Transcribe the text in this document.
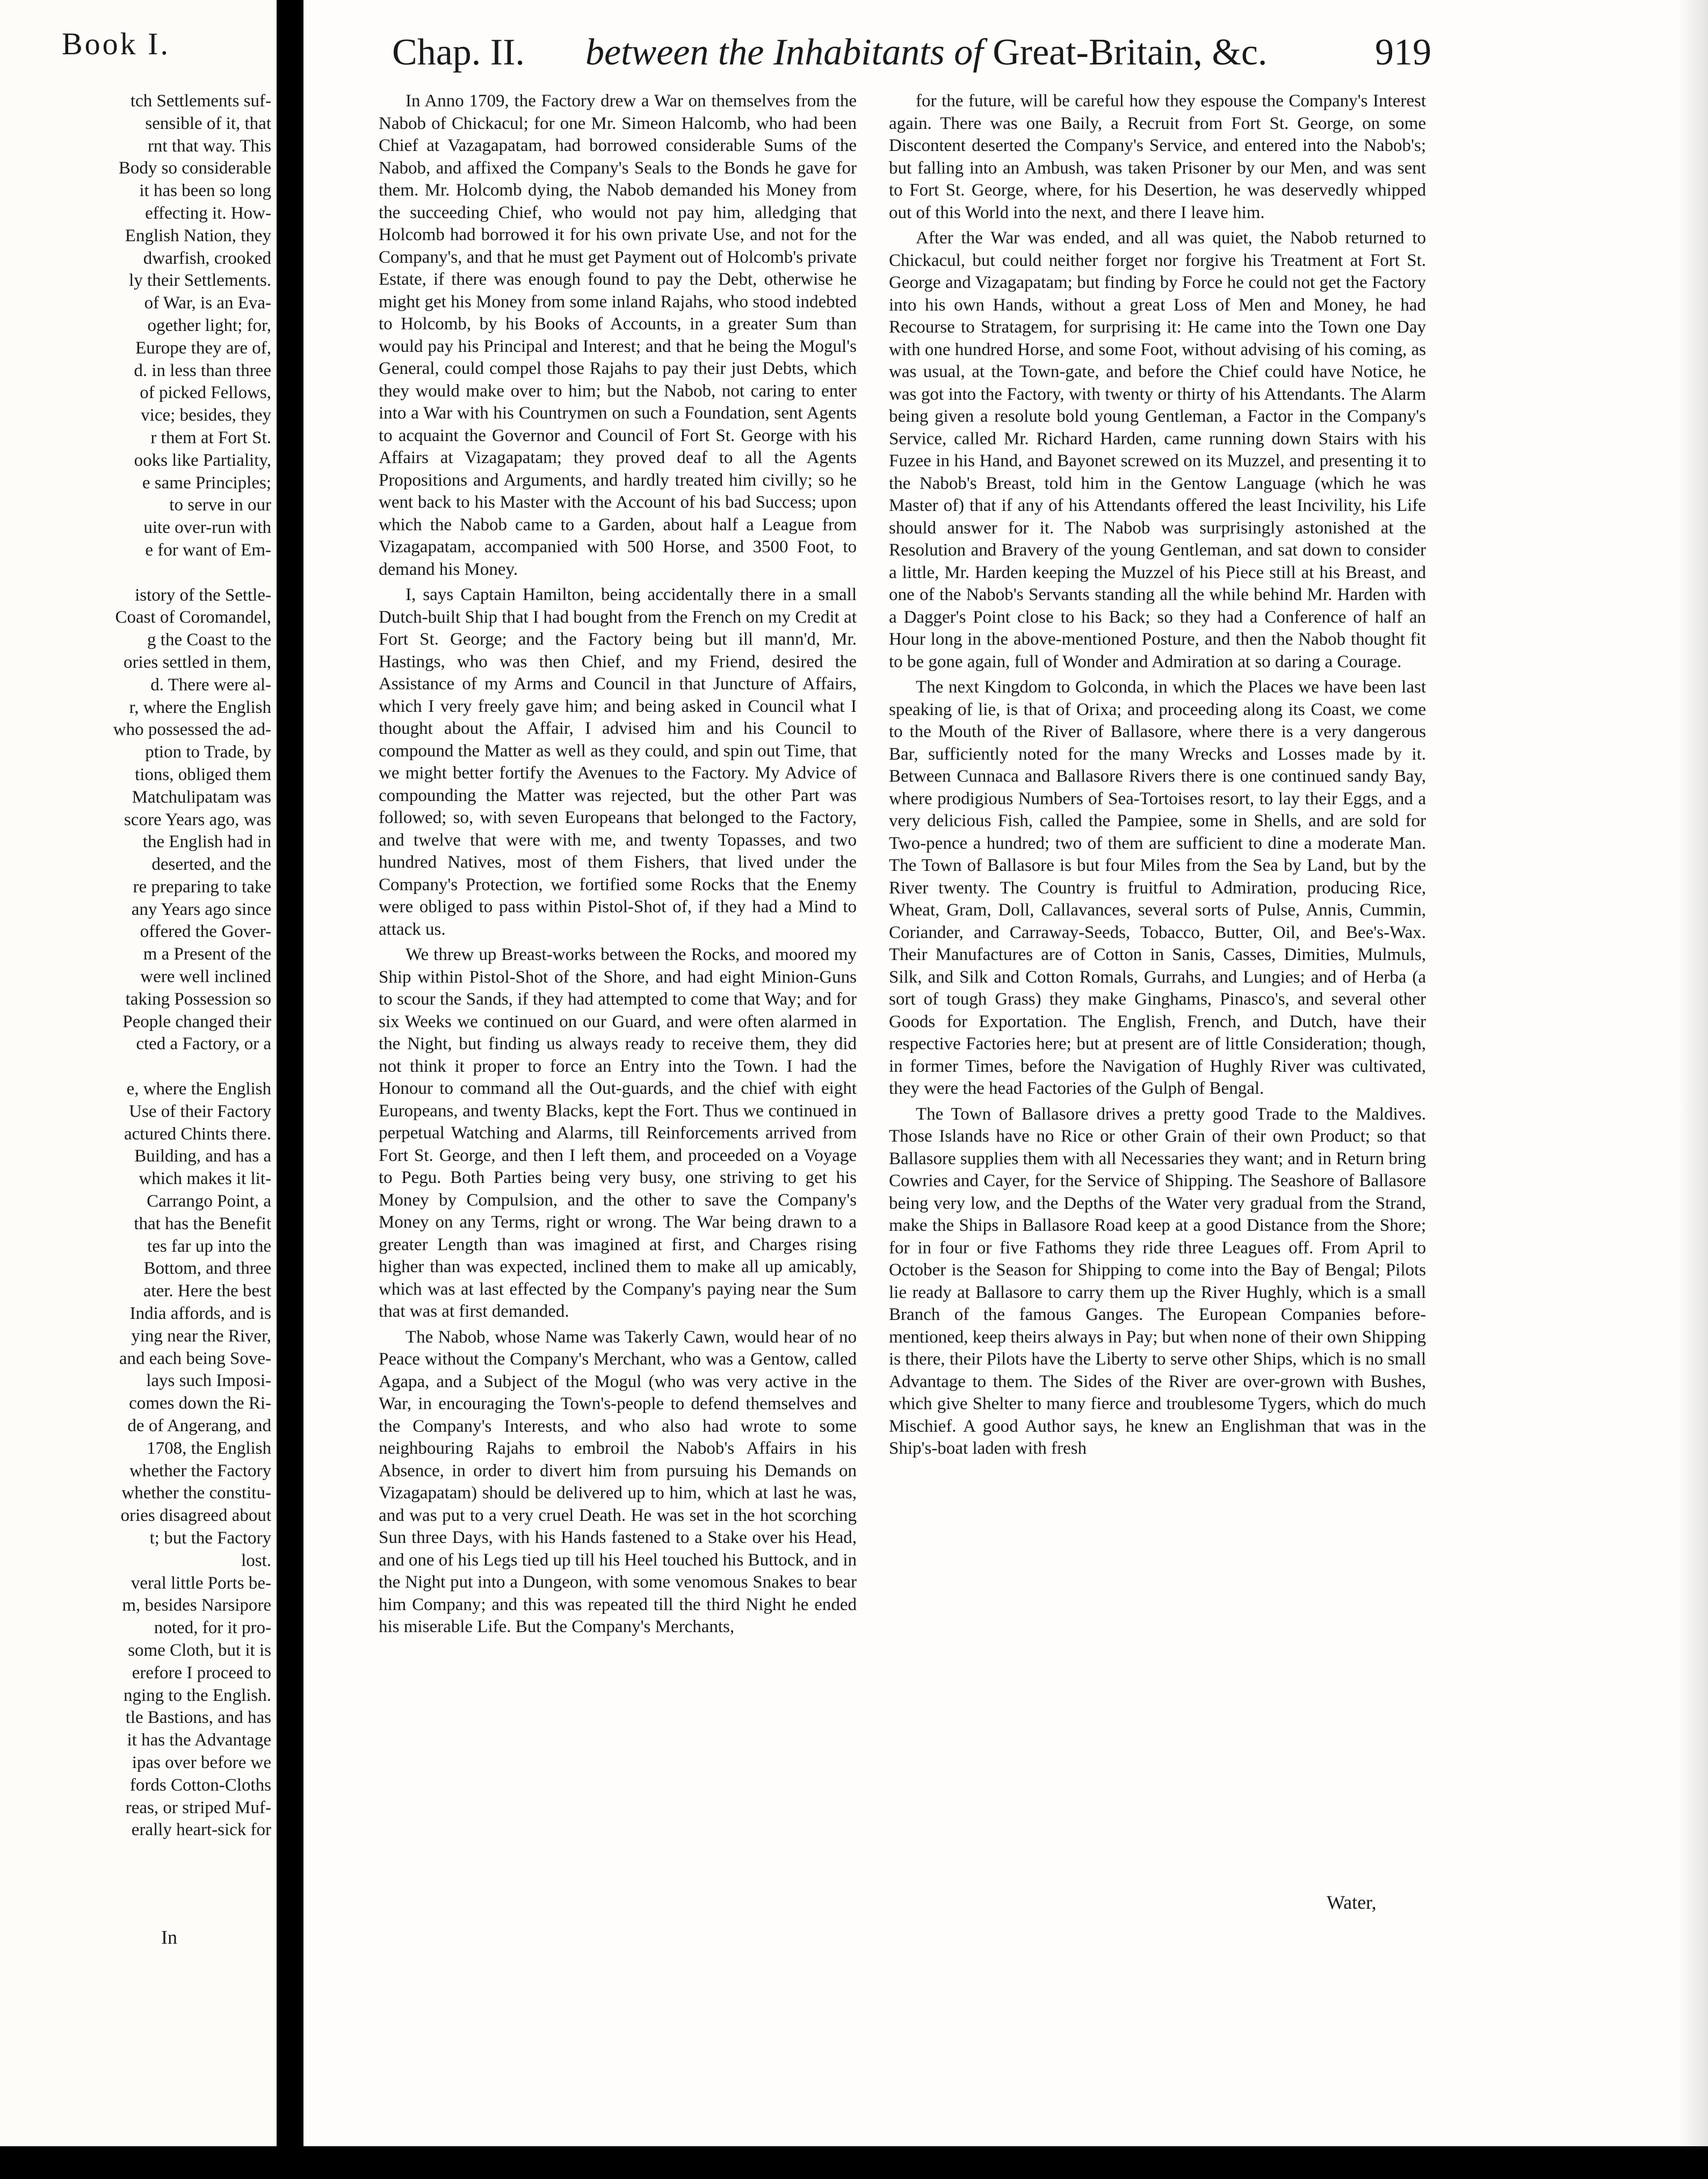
Book I.
tch Settlements suf-
sensible of it, that
rnt that way. This
Body so considerable
it has been so long
effecting it. How-
English Nation, they
dwarfish, crooked
ly their Settlements.
of War, is an Eva-
ogether light; for,
Europe they are of,
d. in less than three
of picked Fellows,
vice; besides, they
r them at Fort St.
ooks like Partiality,
e same Principles;
to serve in our
uite over-run with
e for want of Em-
istory of the Settle-
Coast of Coromandel,
g the Coast to the
ories settled in them,
d. There were al-
r, where the English
who possessed the ad-
ption to Trade, by
tions, obliged them
Matchulipatam was
score Years ago, was
the English had in
deserted, and the
re preparing to take
any Years ago since
offered the Gover-
m a Present of the
were well inclined
taking Possession so
People changed their
cted a Factory, or a
e, where the English
Use of their Factory
actured Chints there.
Building, and has a
which makes it lit-
Carrango Point, a
that has the Benefit
tes far up into the
Bottom, and three
ater. Here the best
India affords, and is
ying near the River,
and each being Sove-
lays such Imposi-
comes down the Ri-
de of Angerang, and
1708, the English
whether the Factory
whether the constitu-
ories disagreed about
t; but the Factory
lost.
veral little Ports be-
m, besides Narsipore
noted, for it pro-
some Cloth, but it is
erefore I proceed to
nging to the English.
tle Bastions, and has
it has the Advantage
ipas over before we
fords Cotton-Cloths
reas, or striped Muf-
erally heart-sick for
In
Chap. II. between the Inhabitants of Great-Britain, &c.	919

In Anno 1709, the Factory drew a War on themselves from the Nabob of Chickacul; for one Mr. Simeon Halcomb, who had been Chief at Vazagapatam, had borrowed considerable Sums of the Nabob, and affixed the Company's Seals to the Bonds he gave for them. Mr. Holcomb dying, the Nabob demanded his Money from the succeeding Chief, who would not pay him, alledging that Holcomb had borrowed it for his own private Use, and not for the Company's, and that he must get Payment out of Holcomb's private Estate, if there was enough found to pay the Debt, otherwise he might get his Money from some inland Rajahs, who stood indebted to Holcomb, by his Books of Accounts, in a greater Sum than would pay his Principal and Interest; and that he being the Mogul's General, could compel those Rajahs to pay their just Debts, which they would make over to him; but the Nabob, not caring to enter into a War with his Countrymen on such a Foundation, sent Agents to acquaint the Governor and Council of Fort St. George with his Affairs at Vizagapatam; they proved deaf to all the Agents Propositions and Arguments, and hardly treated him civilly; so he went back to his Master with the Account of his bad Success; upon which the Nabob came to a Garden, about half a League from Vizagapatam, accompanied with 500 Horse, and 3500 Foot, to demand his Money.

I, says Captain Hamilton, being accidentally there in a small Dutch-built Ship that I had bought from the French on my Credit at Fort St. George; and the Factory being but ill mann'd, Mr. Hastings, who was then Chief, and my Friend, desired the Assistance of my Arms and Council in that Juncture of Affairs, which I very freely gave him; and being asked in Council what I thought about the Affair, I advised him and his Council to compound the Matter as well as they could, and spin out Time, that we might better fortify the Avenues to the Factory. My Advice of compounding the Matter was rejected, but the other Part was followed; so, with seven Europeans that belonged to the Factory, and twelve that were with me, and twenty Topasses, and two hundred Natives, most of them Fishers, that lived under the Company's Protection, we fortified some Rocks that the Enemy were obliged to pass within Pistol-Shot of, if they had a Mind to attack us.

We threw up Breast-works between the Rocks, and moored my Ship within Pistol-Shot of the Shore, and had eight Minion-Guns to scour the Sands, if they had attempted to come that Way; and for six Weeks we continued on our Guard, and were often alarmed in the Night, but finding us always ready to receive them, they did not think it proper to force an Entry into the Town. I had the Honour to command all the Out-guards, and the chief with eight Europeans, and twenty Blacks, kept the Fort. Thus we continued in perpetual Watching and Alarms, till Reinforcements arrived from Fort St. George, and then I left them, and proceeded on a Voyage to Pegu. Both Parties being very busy, one striving to get his Money by Compulsion, and the other to save the Company's Money on any Terms, right or wrong. The War being drawn to a greater Length than was imagined at first, and Charges rising higher than was expected, inclined them to make all up amicably, which was at last effected by the Company's paying near the Sum that was at first demanded.

The Nabob, whose Name was Takerly Cawn, would hear of no Peace without the Company's Merchant, who was a Gentow, called Agapa, and a Subject of the Mogul (who was very active in the War, in encouraging the Town's-people to defend themselves and the Company's Interests, and who also had wrote to some neighbouring Rajahs to embroil the Nabob's Affairs in his Absence, in order to divert him from pursuing his Demands on Vizagapatam) should be delivered up to him, which at last he was, and was put to a very cruel Death. He was set in the hot scorching Sun three Days, with his Hands fastened to a Stake over his Head, and one of his Legs tied up till his Heel touched his Buttock, and in the Night put into a Dungeon, with some venomous Snakes to bear him Company; and this was repeated till the third Night he ended his miserable Life. But the Company's Merchants,

for the future, will be careful how they espouse the Company's Interest again. There was one Baily, a Recruit from Fort St. George, on some Discontent deserted the Company's Service, and entered into the Nabob's; but falling into an Ambush, was taken Prisoner by our Men, and was sent to Fort St. George, where, for his Desertion, he was deservedly whipped out of this World into the next, and there I leave him.

After the War was ended, and all was quiet, the Nabob returned to Chickacul, but could neither forget nor forgive his Treatment at Fort St. George and Vizagapatam; but finding by Force he could not get the Factory into his own Hands, without a great Loss of Men and Money, he had Recourse to Stratagem, for surprising it: He came into the Town one Day with one hundred Horse, and some Foot, without advising of his coming, as was usual, at the Town-gate, and before the Chief could have Notice, he was got into the Factory, with twenty or thirty of his Attendants. The Alarm being given a resolute bold young Gentleman, a Factor in the Company's Service, called Mr. Richard Harden, came running down Stairs with his Fuzee in his Hand, and Bayonet screwed on its Muzzel, and presenting it to the Nabob's Breast, told him in the Gentow Language (which he was Master of) that if any of his Attendants offered the least Incivility, his Life should answer for it. The Nabob was surprisingly astonished at the Resolution and Bravery of the young Gentleman, and sat down to consider a little, Mr. Harden keeping the Muzzel of his Piece still at his Breast, and one of the Nabob's Servants standing all the while behind Mr. Harden with a Dagger's Point close to his Back; so they had a Conference of half an Hour long in the above-mentioned Posture, and then the Nabob thought fit to be gone again, full of Wonder and Admiration at so daring a Courage.

The next Kingdom to Golconda, in which the Places we have been last speaking of lie, is that of Orixa; and proceeding along its Coast, we come to the Mouth of the River of Ballasore, where there is a very dangerous Bar, sufficiently noted for the many Wrecks and Losses made by it. Between Cunnaca and Ballasore Rivers there is one continued sandy Bay, where prodigious Numbers of Sea-Tortoises resort, to lay their Eggs, and a very delicious Fish, called the Pampiee, some in Shells, and are sold for Two-pence a hundred; two of them are sufficient to dine a moderate Man. The Town of Ballasore is but four Miles from the Sea by Land, but by the River twenty. The Country is fruitful to Admiration, producing Rice, Wheat, Gram, Doll, Callavances, several sorts of Pulse, Annis, Cummin, Coriander, and Carraway-Seeds, Tobacco, Butter, Oil, and Bee's-Wax. Their Manufactures are of Cotton in Sanis, Casses, Dimities, Mulmuls, Silk, and Silk and Cotton Romals, Gurrahs, and Lungies; and of Herba (a sort of tough Grass) they make Ginghams, Pinasco's, and several other Goods for Exportation. The English, French, and Dutch, have their respective Factories here; but at present are of little Consideration; though, in former Times, before the Navigation of Hughly River was cultivated, they were the head Factories of the Gulph of Bengal.

The Town of Ballasore drives a pretty good Trade to the Maldives. Those Islands have no Rice or other Grain of their own Product; so that Ballasore supplies them with all Necessaries they want; and in Return bring Cowries and Cayer, for the Service of Shipping. The Seashore of Ballasore being very low, and the Depths of the Water very gradual from the Strand, make the Ships in Ballasore Road keep at a good Distance from the Shore; for in four or five Fathoms they ride three Leagues off. From April to October is the Season for Shipping to come into the Bay of Bengal; Pilots lie ready at Ballasore to carry them up the River Hughly, which is a small Branch of the famous Ganges. The European Companies before-mentioned, keep theirs always in Pay; but when none of their own Shipping is there, their Pilots have the Liberty to serve other Ships, which is no small Advantage to them. The Sides of the River are over-grown with Bushes, which give Shelter to many fierce and troublesome Tygers, which do much Mischief. A good Author says, he knew an Englishman that was in the Ship's-boat laden with fresh

Water,
